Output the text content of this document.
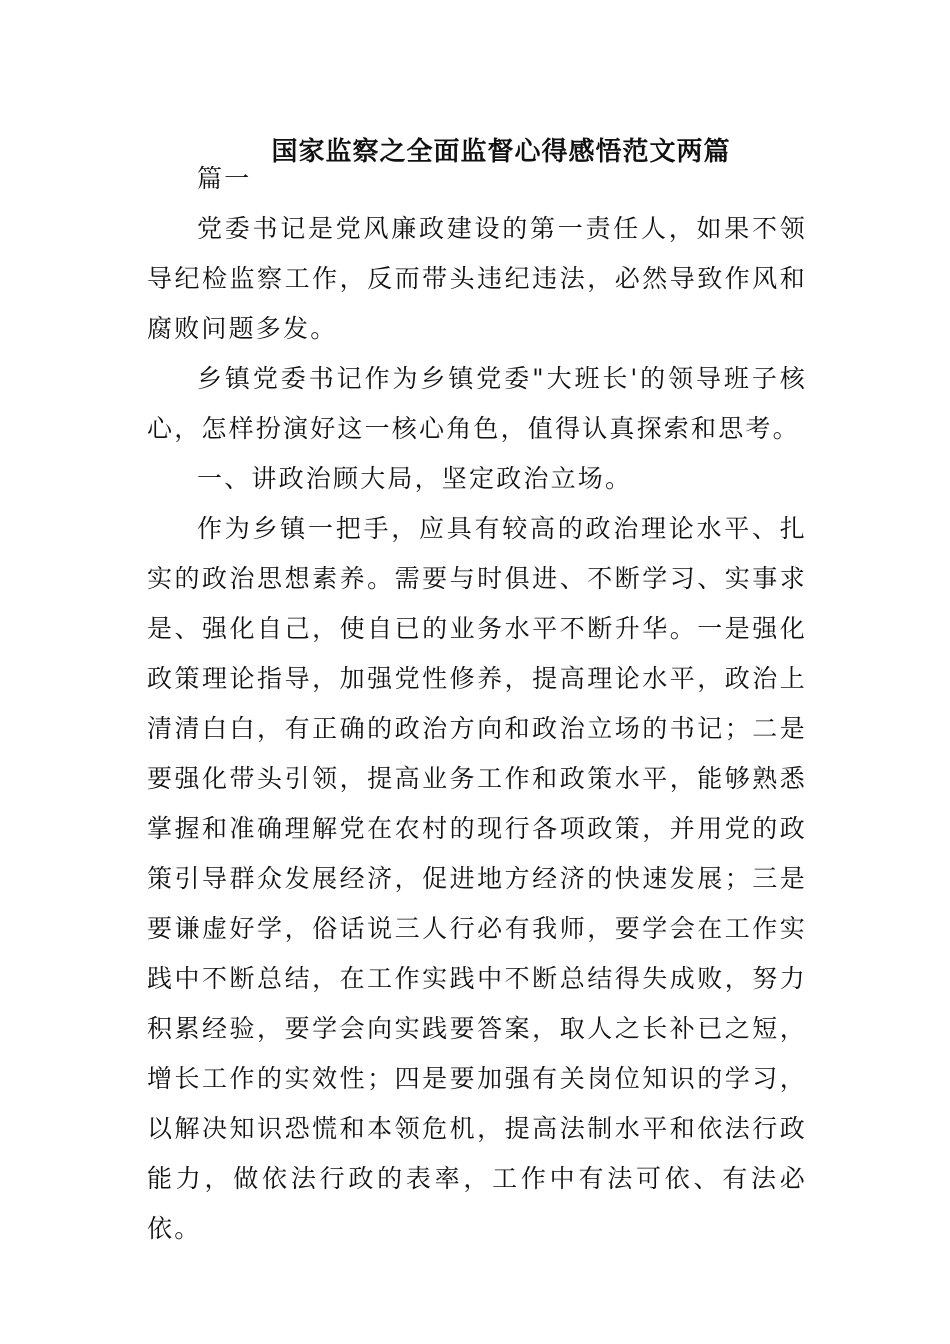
国家监察之全面监督心得感悟范文两篇

篇一

党委书记是党风廉政建设的第一责任人，如果不领导纪检监察工作，反而带头违纪违法，必然导致作风和腐败问题多发。

乡镇党委书记作为乡镇党委"大班长'的领导班子核心，怎样扮演好这一核心角色，值得认真探索和思考。

一、讲政治顾大局，坚定政治立场。

作为乡镇一把手，应具有较高的政治理论水平、扎实的政治思想素养。需要与时俱进、不断学习、实事求是、强化自己，使自已的业务水平不断升华。一是强化政策理论指导，加强党性修养，提高理论水平，政治上清清白白，有正确的政治方向和政治立场的书记；二是要强化带头引领，提高业务工作和政策水平，能够熟悉掌握和准确理解党在农村的现行各项政策，并用党的政策引导群众发展经济，促进地方经济的快速发展；三是要谦虚好学，俗话说三人行必有我师，要学会在工作实践中不断总结，在工作实践中不断总结得失成败，努力积累经验，要学会向实践要答案，取人之长补已之短，增长工作的实效性；四是要加强有关岗位知识的学习，以解决知识恐慌和本领危机，提高法制水平和依法行政能力，做依法行政的表率，工作中有法可依、有法必依。
